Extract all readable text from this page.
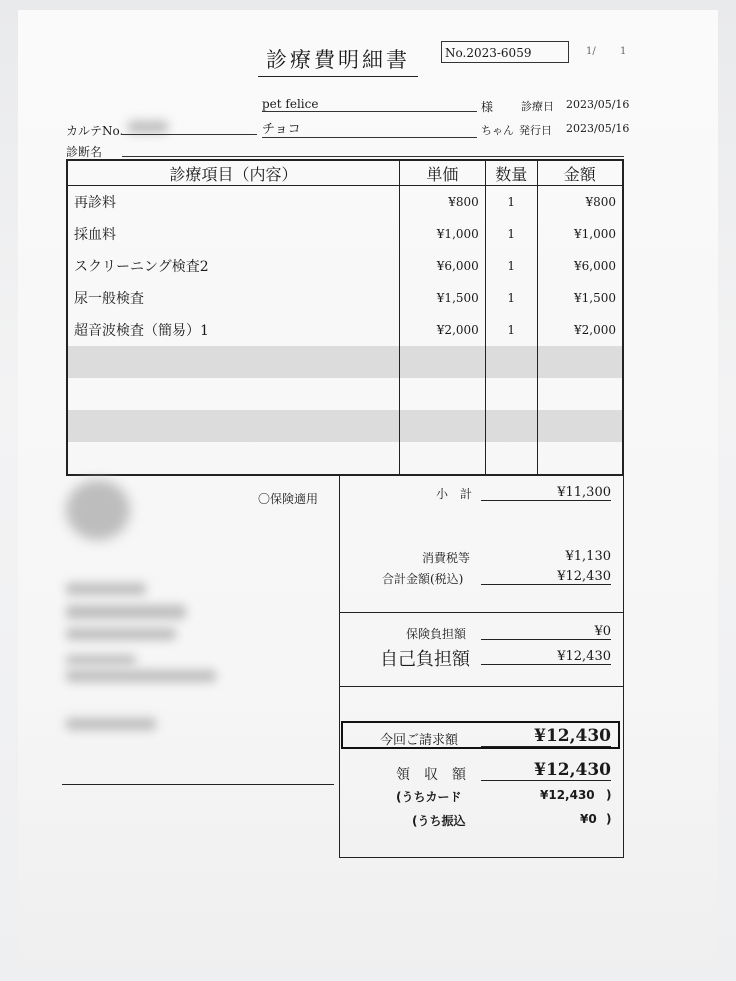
診療費明細書	No.2023-6059	1/ 1
pet felice	様	診療日 2023/05/16
カルテNo.	チョコ	ちゃん 発行日 2023/05/16
診断名
診療項目（内容）	単価	数量	金額
再診料	¥800	1	¥800
採血料	¥1,000	1	¥1,000
スクリーニング検査2	¥6,000	1	¥6,000
尿一般検査	¥1,500	1	¥1,500
超音波検査（簡易）1	¥2,000	1	¥2,000

〇保険適用	小　計	¥11,300
消費税等	¥1,130
合計金額(税込)	¥12,430
保険負担額	¥0
自己負担額	¥12,430
今回ご請求額	¥12,430
領　収　額	¥12,430
(うちカード	¥12,430 )
(うち振込	¥0 )
